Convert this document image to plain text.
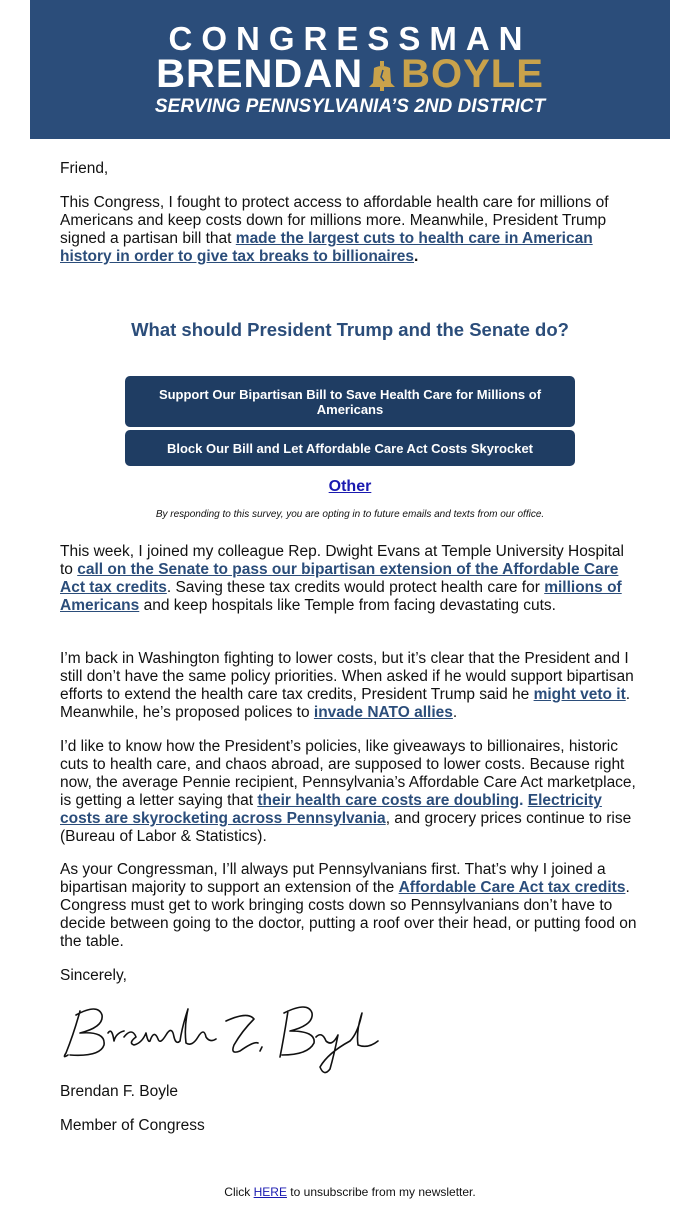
CONGRESSMAN
BRENDAN BOYLE
SERVING PENNSYLVANIA’S 2ND DISTRICT
Friend,

This Congress, I fought to protect access to affordable health care for millions of Americans and keep costs down for millions more. Meanwhile, President Trump signed a partisan bill that made the largest cuts to health care in American history in order to give tax breaks to billionaires.

What should President Trump and the Senate do?
Support Our Bipartisan Bill to Save Health Care for Millions of Americans
Block Our Bill and Let Affordable Care Act Costs Skyrocket
Other
By responding to this survey, you are opting in to future emails and texts from our office.

This week, I joined my colleague Rep. Dwight Evans at Temple University Hospital to call on the Senate to pass our bipartisan extension of the Affordable Care Act tax credits. Saving these tax credits would protect health care for millions of Americans and keep hospitals like Temple from facing devastating cuts.

I’m back in Washington fighting to lower costs, but it’s clear that the President and I still don’t have the same policy priorities. When asked if he would support bipartisan efforts to extend the health care tax credits, President Trump said he might veto it. Meanwhile, he’s proposed polices to invade NATO allies.

I’d like to know how the President’s policies, like giveaways to billionaires, historic cuts to health care, and chaos abroad, are supposed to lower costs. Because right now, the average Pennie recipient, Pennsylvania’s Affordable Care Act marketplace, is getting a letter saying that their health care costs are doubling. Electricity costs are skyrocketing across Pennsylvania, and grocery prices continue to rise (Bureau of Labor & Statistics).

As your Congressman, I’ll always put Pennsylvanians first. That’s why I joined a bipartisan majority to support an extension of the Affordable Care Act tax credits. Congress must get to work bringing costs down so Pennsylvanians don’t have to decide between going to the doctor, putting a roof over their head, or putting food on the table.

Sincerely,
Brendan F. Boyle
Member of Congress
Click HERE to unsubscribe from my newsletter.
